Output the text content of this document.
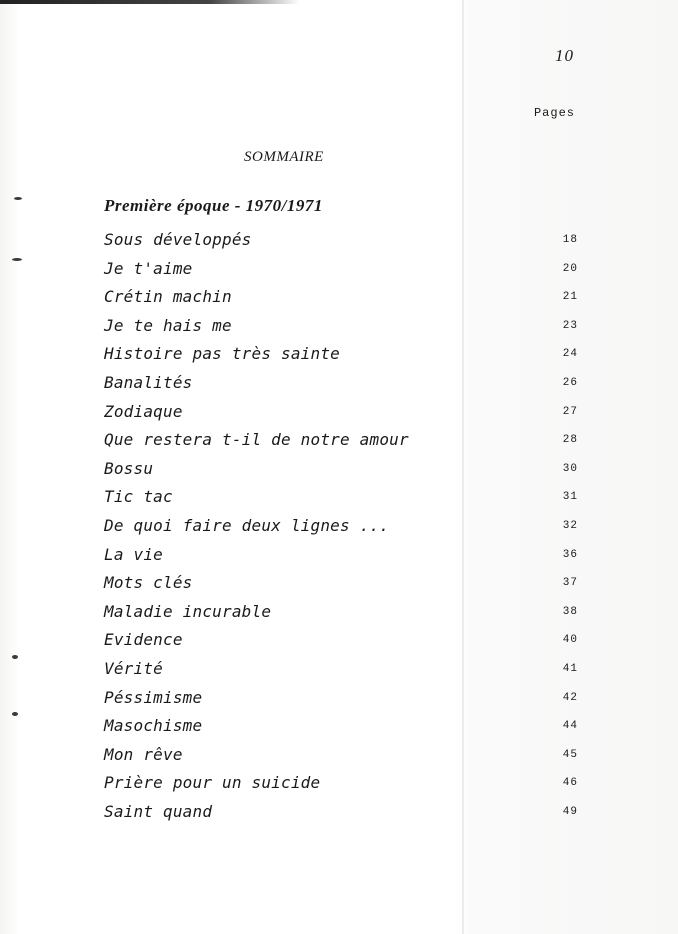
10
Pages
SOMMAIRE
Première époque - 1970/1971
Sous développés	18
Je t'aime	20
Crétin machin	21
Je te hais me	23
Histoire pas très sainte	24
Banalités	26
Zodiaque	27
Que restera t-il de notre amour	28
Bossu	30
Tic tac	31
De quoi faire deux lignes ...	32
La vie	36
Mots clés	37
Maladie incurable	38
Evidence	40
Vérité	41
Péssimisme	42
Masochisme	44
Mon rêve	45
Prière pour un suicide	46
Saint quand	49
